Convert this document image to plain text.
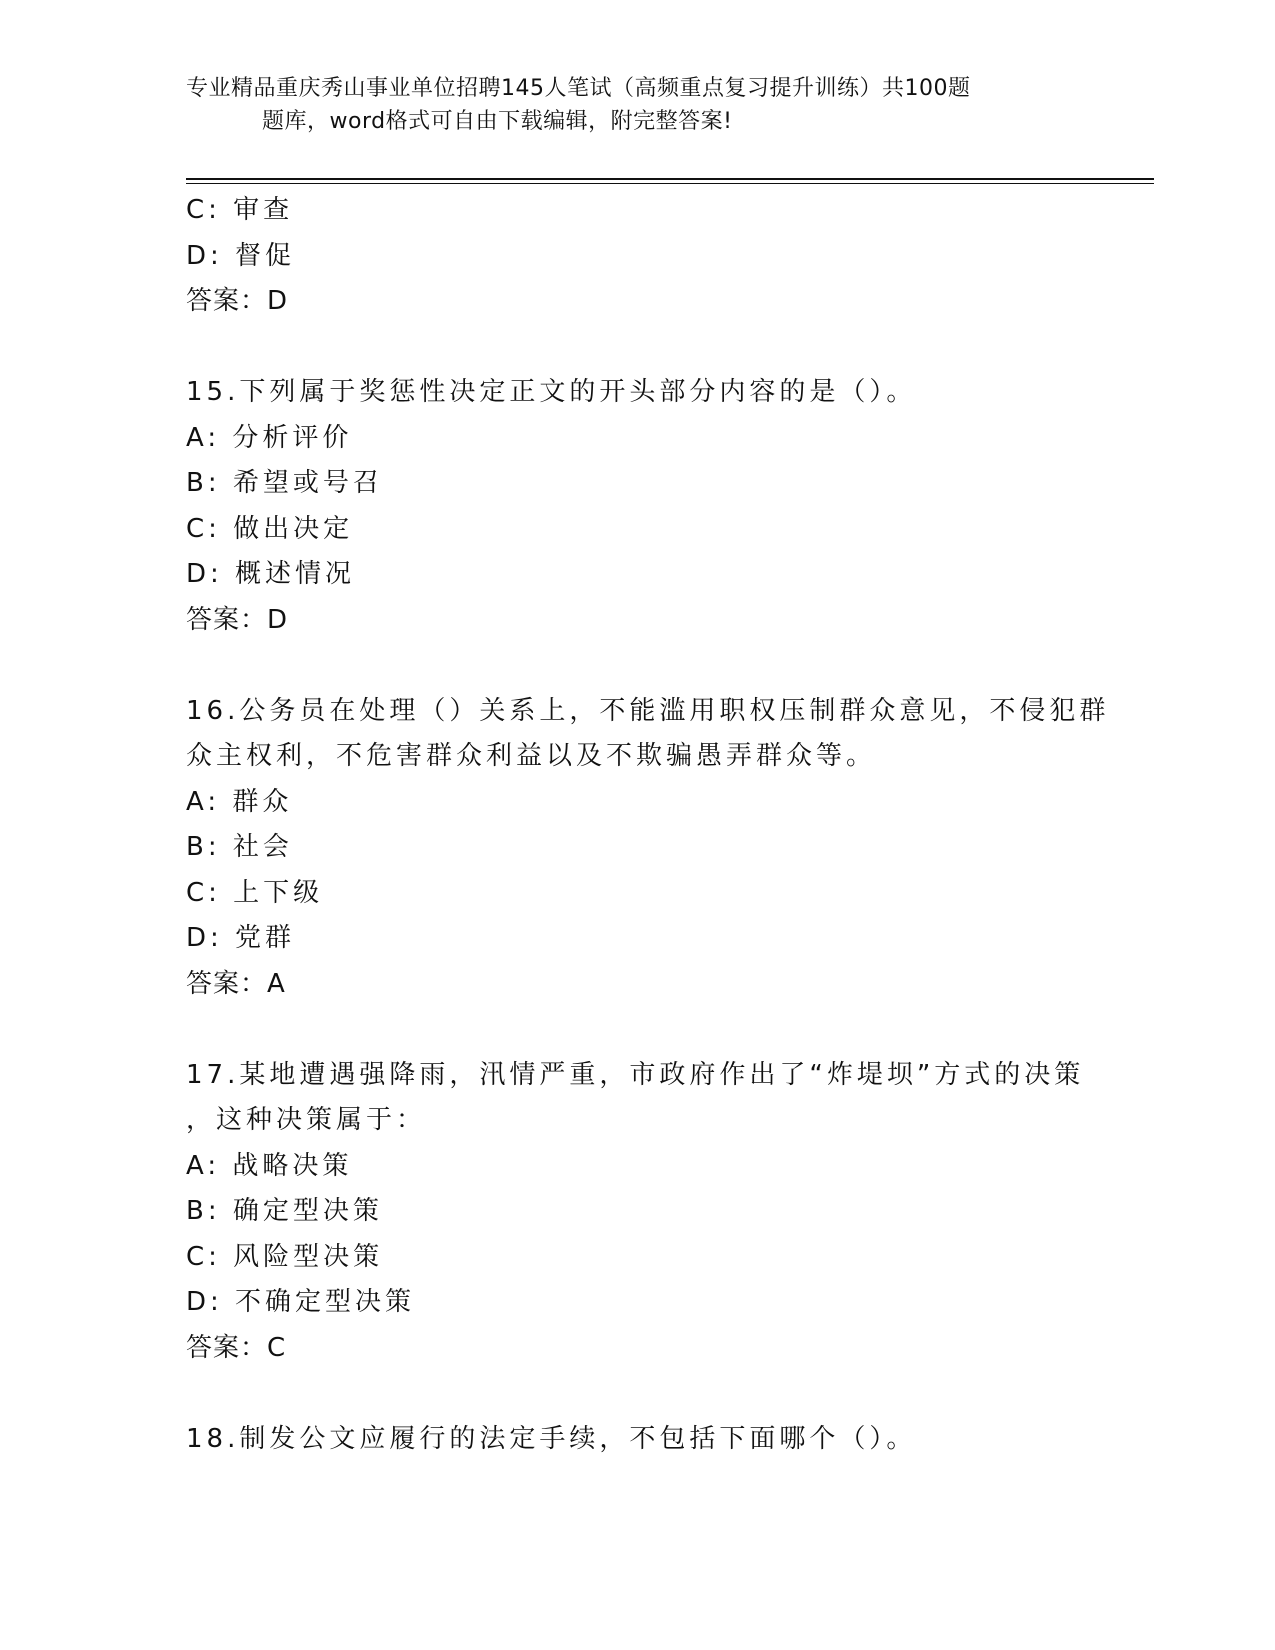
专业精品重庆秀山事业单位招聘145人笔试（高频重点复习提升训练）共100题
题库，word格式可自由下载编辑，附完整答案!
C: 审查
D: 督促
答案：D
15.下列属于奖惩性决定正文的开头部分内容的是（）。
A: 分析评价
B: 希望或号召
C: 做出决定
D: 概述情况
答案：D
16.公务员在处理（）关系上，不能滥用职权压制群众意见，不侵犯群
众主权利，不危害群众利益以及不欺骗愚弄群众等。
A: 群众
B: 社会
C: 上下级
D: 党群
答案：A
17.某地遭遇强降雨，汛情严重，市政府作出了“炸堤坝”方式的决策
，这种决策属于：
A: 战略决策
B: 确定型决策
C: 风险型决策
D: 不确定型决策
答案：C
18.制发公文应履行的法定手续，不包括下面哪个（）。
